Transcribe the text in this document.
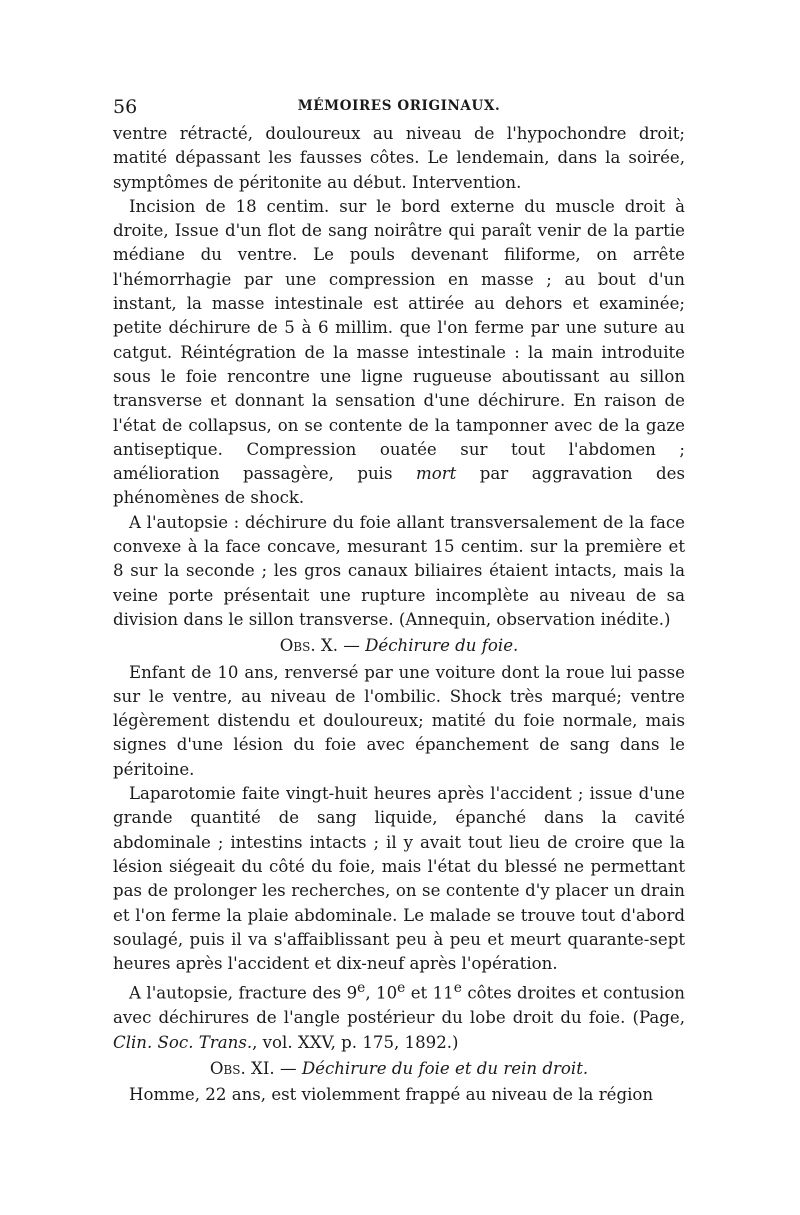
56	MÉMOIRES ORIGINAUX.

ventre rétracté, douloureux au niveau de l'hypochondre droit; matité dépassant les fausses côtes. Le lendemain, dans la soirée, symptômes de péritonite au début. Intervention.

Incision de 18 centim. sur le bord externe du muscle droit à droite, Issue d'un flot de sang noirâtre qui paraît venir de la partie médiane du ventre. Le pouls devenant filiforme, on arrête l'hémorrhagie par une compression en masse ; au bout d'un instant, la masse intestinale est attirée au dehors et examinée; petite déchirure de 5 à 6 millim. que l'on ferme par une suture au catgut. Réintégration de la masse intestinale : la main introduite sous le foie rencontre une ligne rugueuse aboutissant au sillon transverse et donnant la sensation d'une déchirure. En raison de l'état de collapsus, on se contente de la tamponner avec de la gaze antiseptique. Compression ouatée sur tout l'abdomen ; amélioration passagère, puis mort par aggravation des phénomènes de shock.

A l'autopsie : déchirure du foie allant transversalement de la face convexe à la face concave, mesurant 15 centim. sur la première et 8 sur la seconde ; les gros canaux biliaires étaient intacts, mais la veine porte présentait une rupture incomplète au niveau de sa division dans le sillon transverse. (Annequin, observation inédite.)

Obs. X. — Déchirure du foie.

Enfant de 10 ans, renversé par une voiture dont la roue lui passe sur le ventre, au niveau de l'ombilic. Shock très marqué; ventre légèrement distendu et douloureux; matité du foie normale, mais signes d'une lésion du foie avec épanchement de sang dans le péritoine.

Laparotomie faite vingt-huit heures après l'accident ; issue d'une grande quantité de sang liquide, épanché dans la cavité abdominale ; intestins intacts ; il y avait tout lieu de croire que la lésion siégeait du côté du foie, mais l'état du blessé ne permettant pas de prolonger les recherches, on se contente d'y placer un drain et l'on ferme la plaie abdominale. Le malade se trouve tout d'abord soulagé, puis il va s'affaiblissant peu à peu et meurt quarante-sept heures après l'accident et dix-neuf après l'opération.

A l'autopsie, fracture des 9e, 10e et 11e côtes droites et contusion avec déchirures de l'angle postérieur du lobe droit du foie. (Page, Clin. Soc. Trans., vol. XXV, p. 175, 1892.)

Obs. XI. — Déchirure du foie et du rein droit.

Homme, 22 ans, est violemment frappé au niveau de la région
